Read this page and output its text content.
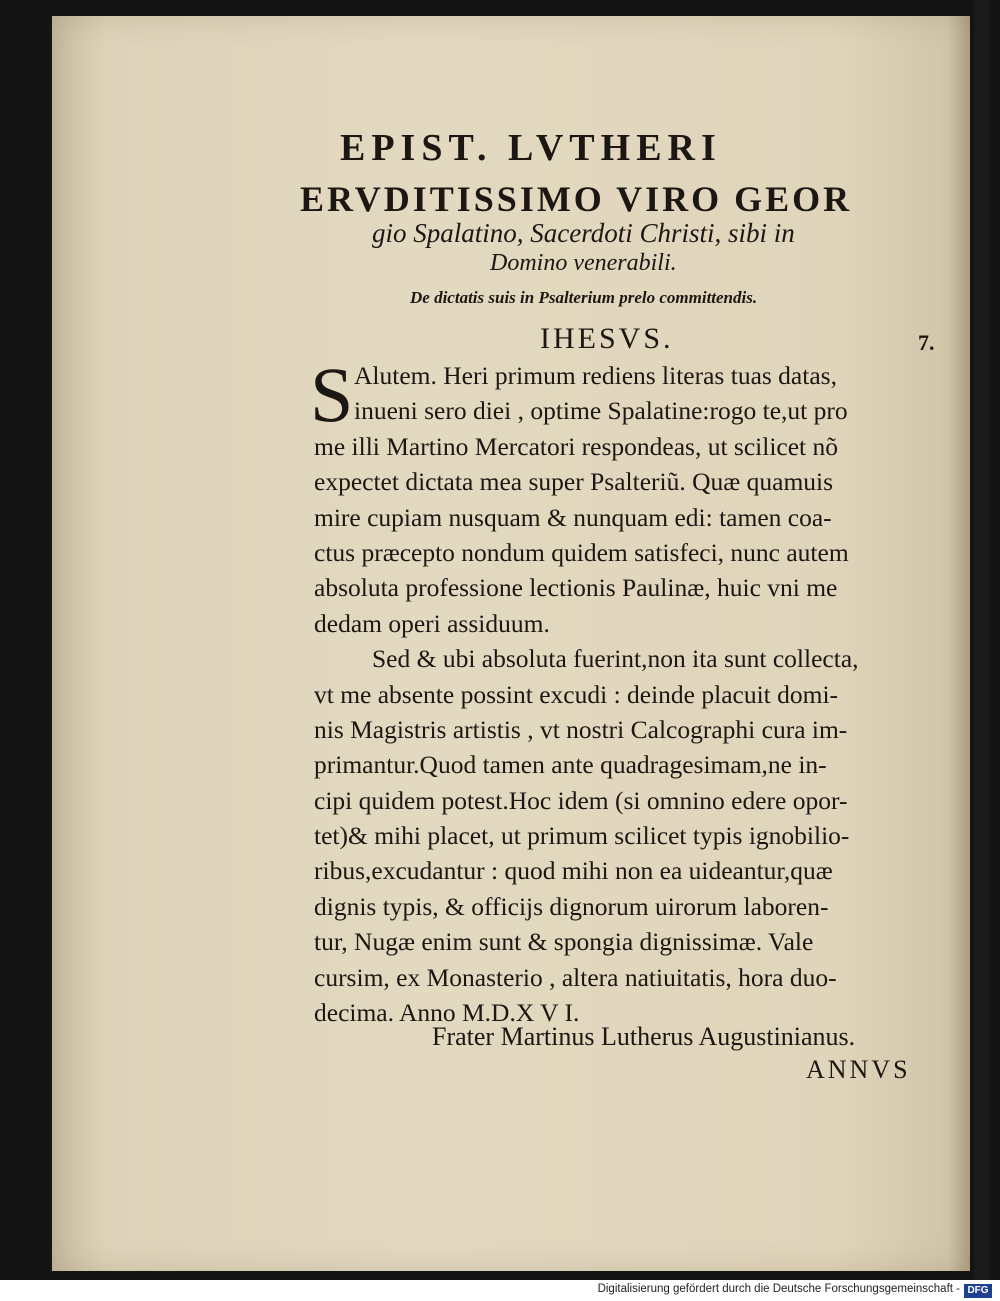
EPIST. LVTHERI
ERVDITISSIMO VIRO GEOR
gio Spalatino, Sacerdoti Christi, sibi in
Domino venerabili.
De dictatis suis in Psalterium prelo committendis.
IHESVS.	7.
S Alutem. Heri primum rediens literas tuas datas,
inueni sero diei , optime Spalatine:rogo te,ut pro
me illi Martino Mercatori respondeas, ut scilicet nõ
expectet dictata mea super Psalteriũ. Quæ quamuis
mire cupiam nusquam & nunquam edi: tamen coa-
ctus præcepto nondum quidem satisfeci, nunc autem
absoluta professione lectionis Paulinæ, huic vni me
dedam operi assiduum.
Sed & ubi absoluta fuerint,non ita sunt collecta,
vt me absente possint excudi : deinde placuit domi-
nis Magistris artistis , vt nostri Calcographi cura im-
primantur.Quod tamen ante quadragesimam,ne in-
cipi quidem potest.Hoc idem (si omnino edere opor-
tet)& mihi placet, ut primum scilicet typis ignobilio-
ribus,excudantur : quod mihi non ea uideantur,quæ
dignis typis, & officijs dignorum uirorum laboren-
tur, Nugæ enim sunt & spongia dignissimæ. Vale
cursim, ex Monasterio , altera natiuitatis, hora duo-
decima. Anno M.D.X V I.
Frater Martinus Lutherus Augustinianus.
ANNVS
Digitalisierung gefördert durch die Deutsche Forschungsgemeinschaft - DFG
